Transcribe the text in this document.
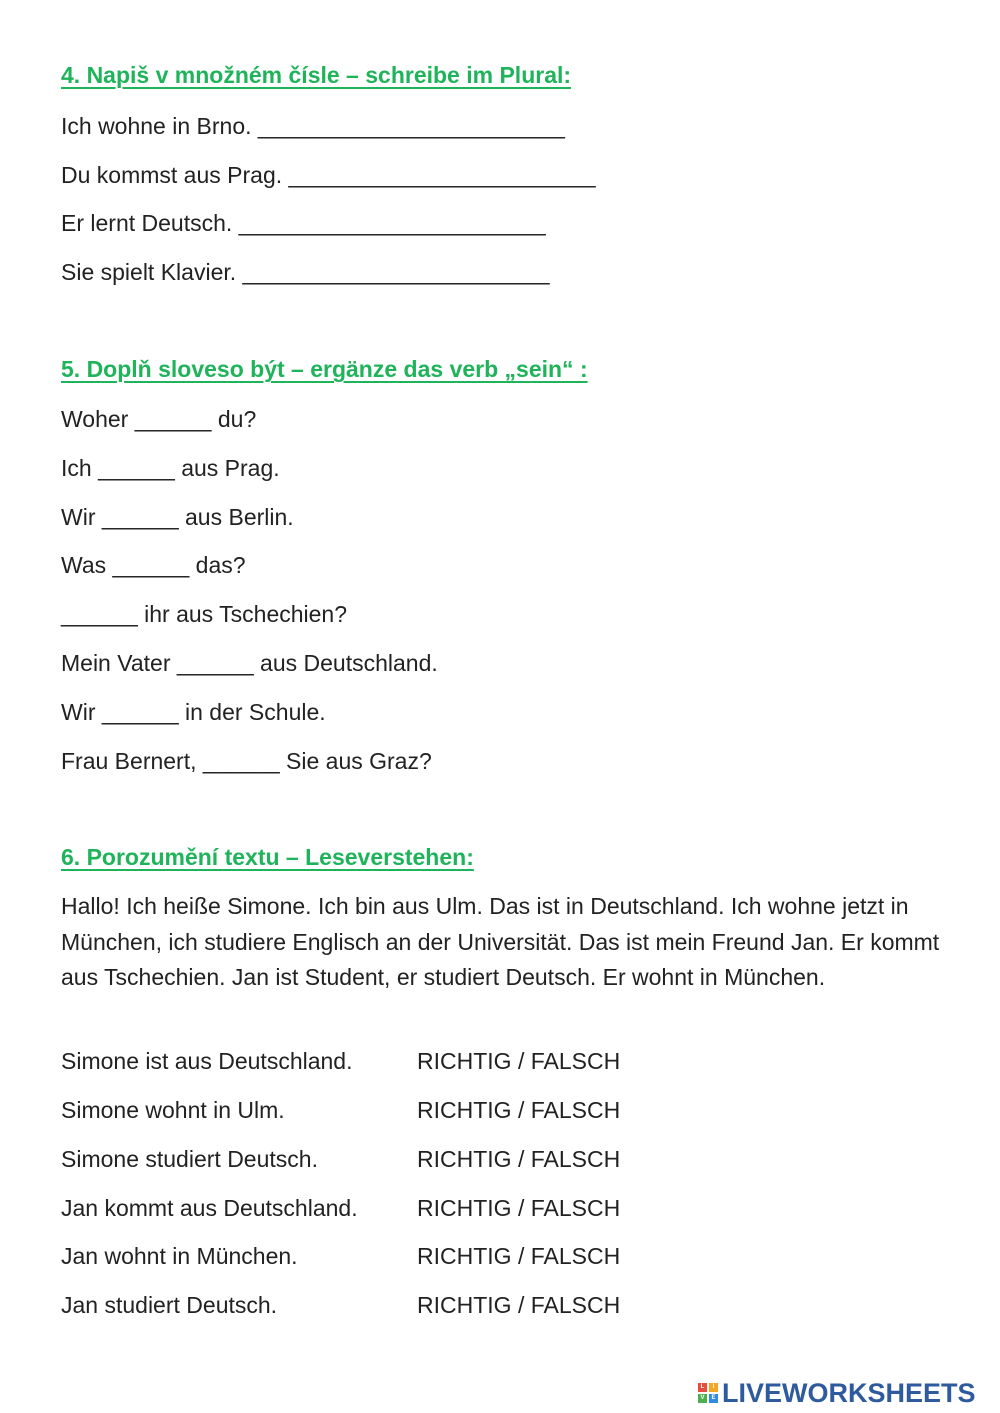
4. Napiš v množném čísle – schreibe im Plural:
Ich wohne in Brno. ________________________
Du kommst aus Prag. ________________________
Er lernt Deutsch. ________________________
Sie spielt Klavier. ________________________
5. Doplň sloveso být – ergänze das verb „sein“ :
Woher ______ du?
Ich ______ aus Prag.
Wir ______ aus Berlin.
Was ______ das?
______ ihr aus Tschechien?
Mein Vater ______ aus Deutschland.
Wir ______ in der Schule.
Frau Bernert, ______ Sie aus Graz?
6. Porozumění textu – Leseverstehen:
Hallo! Ich heiße Simone. Ich bin aus Ulm. Das ist in Deutschland. Ich wohne jetzt in München, ich studiere Englisch an der Universität. Das ist mein Freund Jan. Er kommt aus Tschechien. Jan ist Student, er studiert Deutsch. Er wohnt in München.
Simone ist aus Deutschland.	RICHTIG / FALSCH
Simone wohnt in Ulm.	RICHTIG / FALSCH
Simone studiert Deutsch.	RICHTIG / FALSCH
Jan kommt aus Deutschland.	RICHTIG / FALSCH
Jan wohnt in München.	RICHTIG / FALSCH
Jan studiert Deutsch.	RICHTIG / FALSCH
L	I
V	E LIVEWORKSHEETS
